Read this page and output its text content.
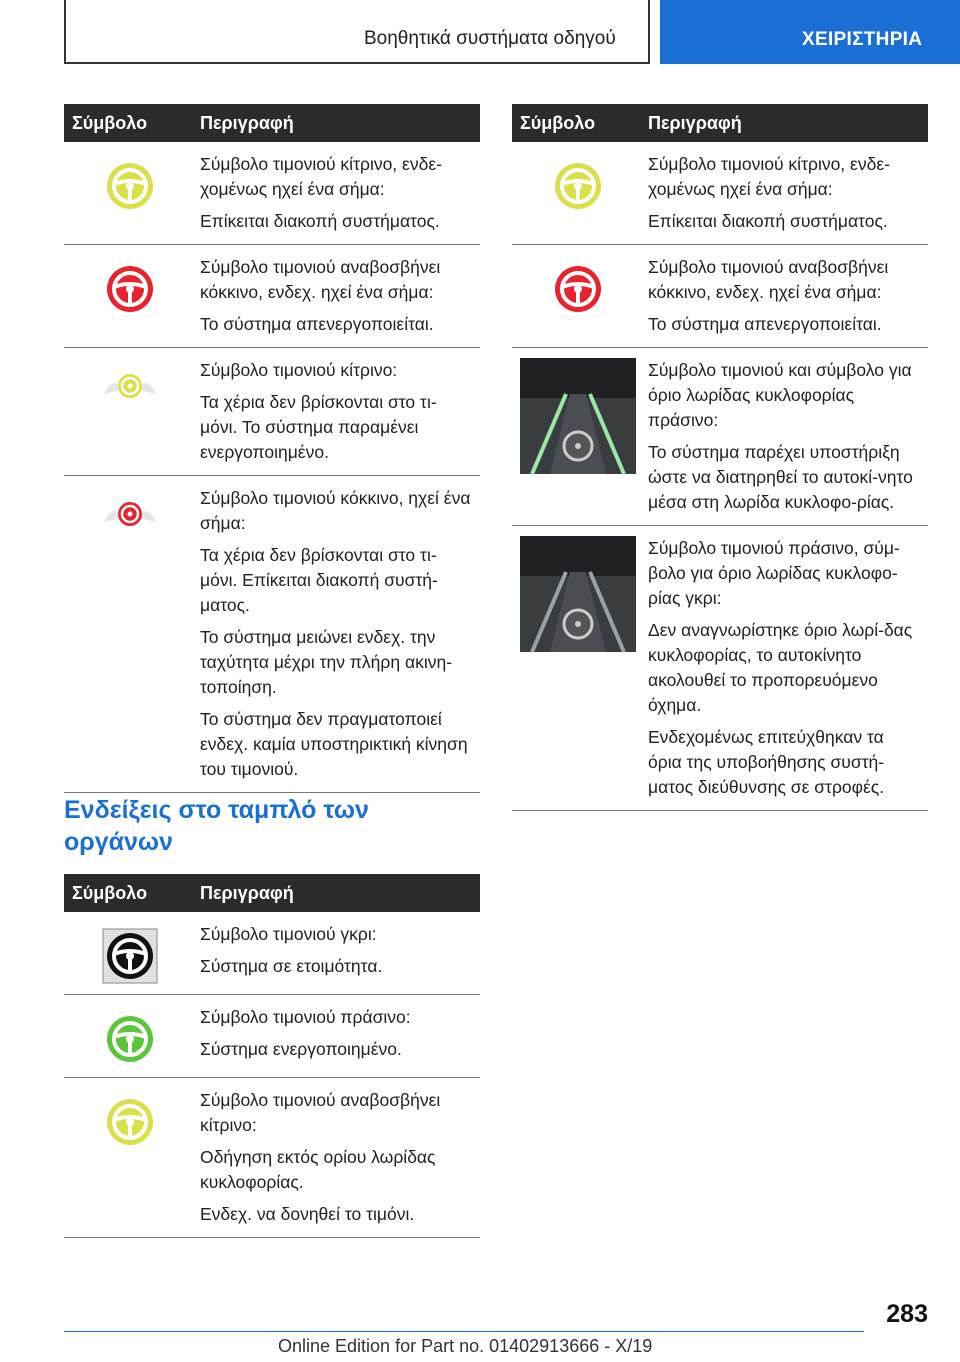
Βοηθητικά συστήματα οδηγού	ΧΕΙΡΙΣΤΗΡΙΑ
Σύμβολο	Περιγραφή

Σύμβολο τιμονιού κίτρινο, ενδε-χομένως ηχεί ένα σήμα:

Επίκειται διακοπή συστήματος.

Σύμβολο τιμονιού αναβοσβήνει κόκκινο, ενδεχ. ηχεί ένα σήμα:

Το σύστημα απενεργοποιείται.

Σύμβολο τιμονιού κίτρινο:

Τα χέρια δεν βρίσκονται στο τι-μόνι. Το σύστημα παραμένει ενεργοποιημένο.

Σύμβολο τιμονιού κόκκινο, ηχεί ένα σήμα:

Τα χέρια δεν βρίσκονται στο τι-μόνι. Επίκειται διακοπή συστή-ματος.

Το σύστημα μειώνει ενδεχ. την ταχύτητα μέχρι την πλήρη ακινη-τοποίηση.

Το σύστημα δεν πραγματοποιεί ενδεχ. καμία υποστηρικτική κίνηση του τιμονιού.

Ενδείξεις στο ταμπλό των οργάνων
Σύμβολο	Περιγραφή

Σύμβολο τιμονιού γκρι:

Σύστημα σε ετοιμότητα.

Σύμβολο τιμονιού πράσινο:

Σύστημα ενεργοποιημένο.

Σύμβολο τιμονιού αναβοσβήνει κίτρινο:

Οδήγηση εκτός ορίου λωρίδας κυκλοφορίας.

Ενδεχ. να δονηθεί το τιμόνι.

Σύμβολο	Περιγραφή

Σύμβολο τιμονιού κίτρινο, ενδε-χομένως ηχεί ένα σήμα:

Επίκειται διακοπή συστήματος.

Σύμβολο τιμονιού αναβοσβήνει κόκκινο, ενδεχ. ηχεί ένα σήμα:

Το σύστημα απενεργοποιείται.

Σύμβολο τιμονιού και σύμβολο για όριο λωρίδας κυκλοφορίας πράσινο:

Το σύστημα παρέχει υποστήριξη ώστε να διατηρηθεί το αυτοκί-νητο μέσα στη λωρίδα κυκλοφο-ρίας.

Σύμβολο τιμονιού πράσινο, σύμ-βολο για όριο λωρίδας κυκλοφο-ρίας γκρι:

Δεν αναγνωρίστηκε όριο λωρί-δας κυκλοφορίας, το αυτοκίνητο ακολουθεί το προπορευόμενο όχημα.

Ενδεχομένως επιτεύχθηκαν τα όρια της υποβοήθησης συστή-ματος διεύθυνσης σε στροφές.

283
Online Edition for Part no. 01402913666 - X/19
